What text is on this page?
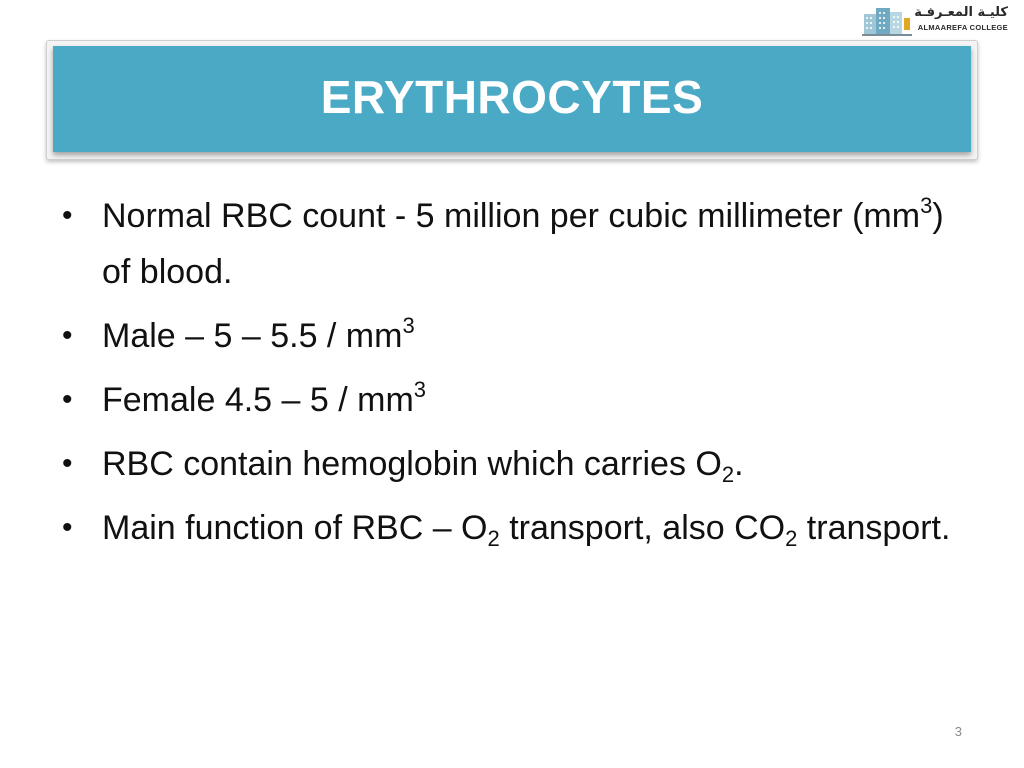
كليـة المعـرفـة
ALMAAREFA COLLEGE
ERYTHROCYTES
• Normal RBC count - 5 million per cubic millimeter $(mm^3)$ of blood.
• Male – $5 - 5.5 / mm^3$
• Female $4.5 - 5 / mm^3$
• RBC contain hemoglobin which carries $O_2$.
• Main function of RBC – $O_2$ transport, also $CO_2$ transport.
3
